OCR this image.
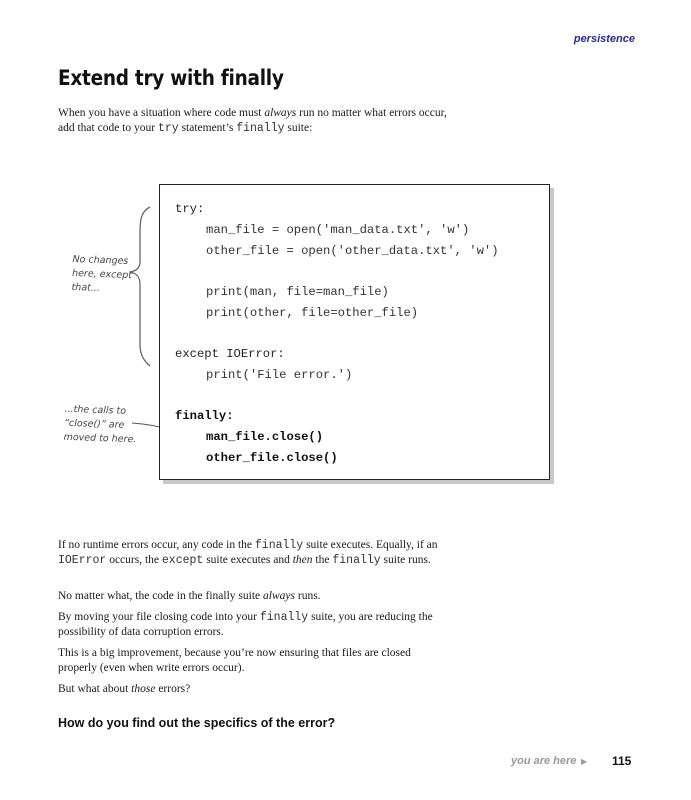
persistence
Extend try with finally

When you have a situation where code must always run no matter what errors occur, add that code to your try statement’s finally suite:

try:
man_file = open('man_data.txt', 'w')
other_file = open('other_data.txt', 'w')
print(man, file=man_file)
print(other, file=other_file)
except IOError:
print('File error.')
finally:
man_file.close()
other_file.close()
No changes
here, except
that...
...the calls to
“close()” are
moved to here.

If no runtime errors occur, any code in the finally suite executes. Equally, if an IOError occurs, the except suite executes and then the finally suite runs.

No matter what, the code in the finally suite always runs.

By moving your file closing code into your finally suite, you are reducing the possibility of data corruption errors.

This is a big improvement, because you’re now ensuring that files are closed properly (even when write errors occur).

But what about those errors?

How do you find out the specifics of the error?
you are here ▶ 115
